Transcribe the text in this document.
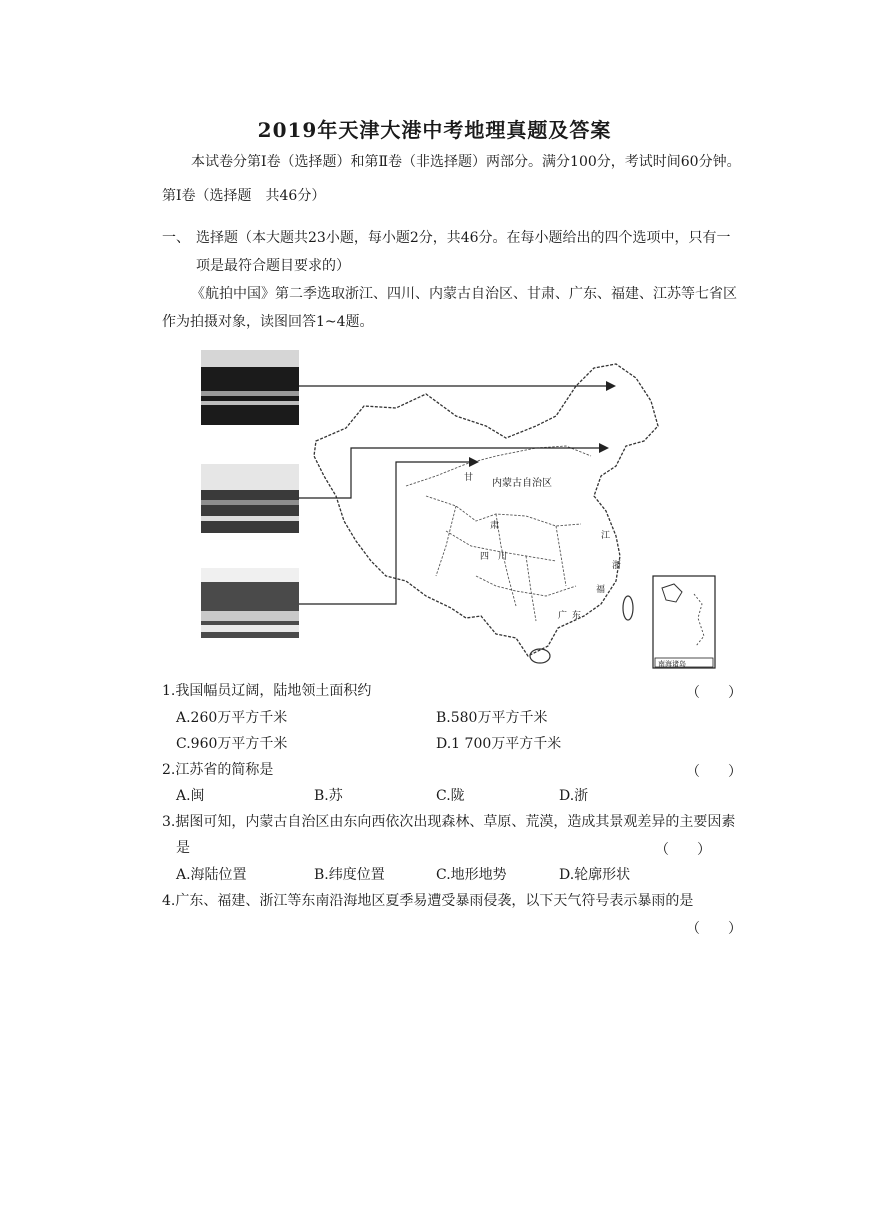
2019年天津大港中考地理真题及答案
本试卷分第Ⅰ卷（选择题）和第Ⅱ卷（非选择题）两部分。满分100分，考试时间60分钟。
第Ⅰ卷（选择题　共46分）
一、 选择题（本大题共23小题，每小题2分，共46分。在每小题给出的四个选项中，只有一
项是最符合题目要求的）
《航拍中国》第二季选取浙江、四川、内蒙古自治区、甘肃、广东、福建、江苏等七省区
作为拍摄对象，读图回答1~4题。
内蒙古自治区
甘
肃
四 川
江
浙
福
广 东
南海诸岛
1.我国幅员辽阔，陆地领土面积约	（　　）
A.260万平方千米	B.580万平方千米
C.960万平方千米	D.1 700万平方千米
2.江苏省的简称是	（　　）
A.闽	B.苏	C.陇	D.浙
3.据图可知，内蒙古自治区由东向西依次出现森林、草原、荒漠，造成其景观差异的主要因素
是	（　　）
A.海陆位置	B.纬度位置	C.地形地势	D.轮廓形状
4.广东、福建、浙江等东南沿海地区夏季易遭受暴雨侵袭，以下天气符号表示暴雨的是
（　　）
